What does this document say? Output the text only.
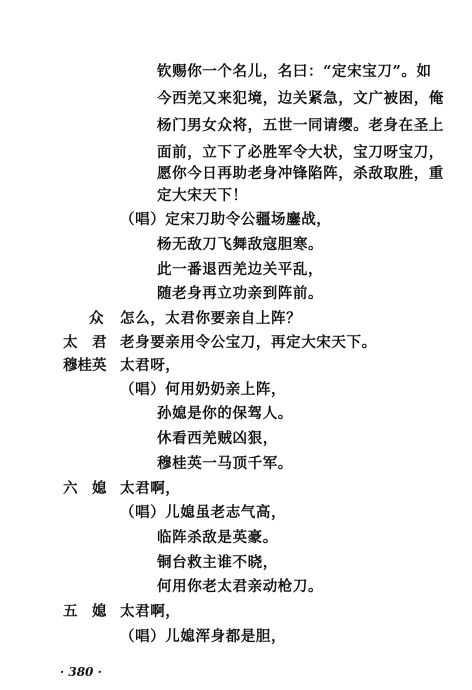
钦赐你一个名儿，名曰：“定宋宝刀”。如
今西羌又来犯境，边关紧急，文广被困，俺
杨门男女众将，五世一同请缨。老身在圣上
面前，立下了必胜军令大状，宝刀呀宝刀，
愿你今日再助老身冲锋陷阵，杀敌取胜，重
定大宋天下！
（唱）定宋刀助令公疆场鏖战，
杨无敌刀飞舞敌寇胆寒。
此一番退西羌边关平乱，
随老身再立功亲到阵前。
众 怎么，太君你要亲自上阵？
太　君 老身要亲用令公宝刀，再定大宋天下。
穆桂英 太君呀，
（唱）何用奶奶亲上阵，
孙媳是你的保驾人。
休看西羌贼凶狠，
穆桂英一马顶千军。
六　媳 太君啊，
（唱）儿媳虽老志气高，
临阵杀敌是英豪。
铜台救主谁不晓，
何用你老太君亲动枪刀。
五　媳 太君啊，
（唱）儿媳浑身都是胆，
· 380 ·
